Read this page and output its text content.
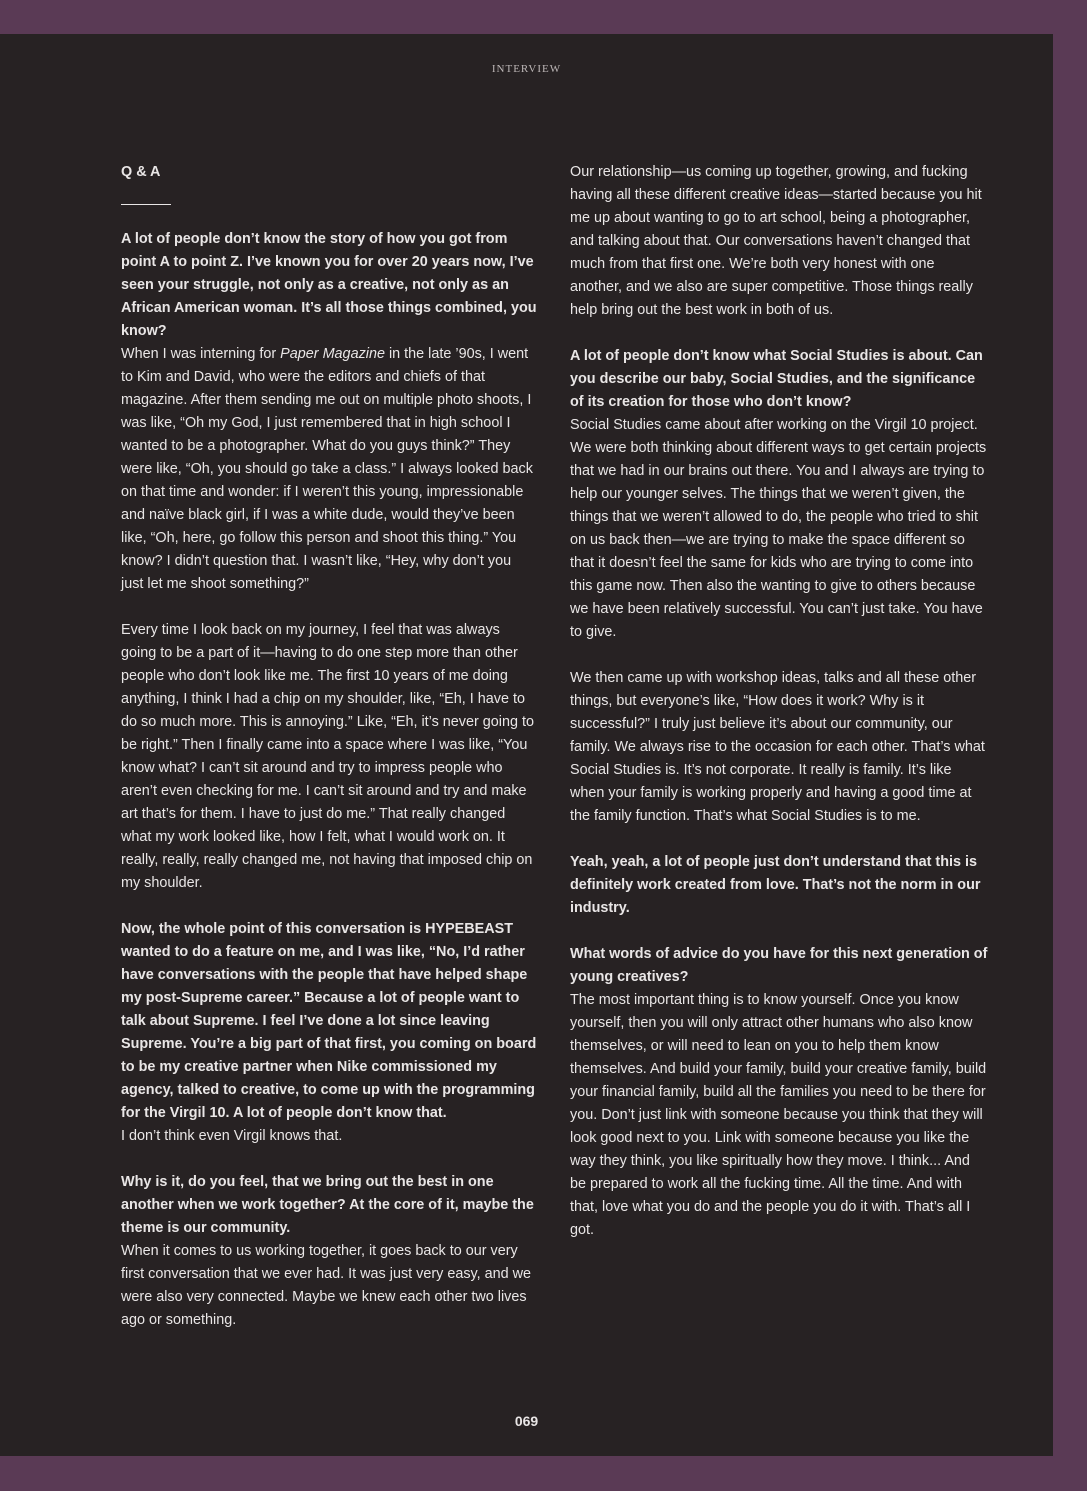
INTERVIEW

Q & A

A lot of people don’t know the story of how you got from point A to point Z. I’ve known you for over 20 years now, I’ve seen your struggle, not only as a creative, not only as an African American woman. It’s all those things combined, you know?

When I was interning for Paper Magazine in the late ’90s, I went to Kim and David, who were the editors and chiefs of that magazine. After them sending me out on multiple photo shoots, I was like, “Oh my God, I just remembered that in high school I wanted to be a photographer. What do you guys think?” They were like, “Oh, you should go take a class.” I always looked back on that time and wonder: if I weren’t this young, impressionable and naïve black girl, if I was a white dude, would they’ve been like, “Oh, here, go follow this person and shoot this thing.” You know? I didn’t question that. I wasn’t like, “Hey, why don’t you just let me shoot something?”

Every time I look back on my journey, I feel that was always going to be a part of it—having to do one step more than other people who don’t look like me. The first 10 years of me doing anything, I think I had a chip on my shoulder, like, “Eh, I have to do so much more. This is annoying.” Like, “Eh, it’s never going to be right.” Then I finally came into a space where I was like, “You know what? I can’t sit around and try to impress people who aren’t even checking for me. I can’t sit around and try and make art that’s for them. I have to just do me.” That really changed what my work looked like, how I felt, what I would work on. It really, really, really changed me, not having that imposed chip on my shoulder.

Now, the whole point of this conversation is HYPEBEAST wanted to do a feature on me, and I was like, “No, I’d rather have conversations with the people that have helped shape my post-Supreme career.” Because a lot of people want to talk about Supreme. I feel I’ve done a lot since leaving Supreme. You’re a big part of that first, you coming on board to be my creative partner when Nike commissioned my agency, talked to creative, to come up with the programming for the Virgil 10. A lot of people don’t know that.

I don’t think even Virgil knows that.

Why is it, do you feel, that we bring out the best in one another when we work together? At the core of it, maybe the theme is our community.

When it comes to us working together, it goes back to our very first conversation that we ever had. It was just very easy, and we were also very connected. Maybe we knew each other two lives ago or something.

Our relationship—us coming up together, growing, and fucking having all these different creative ideas—started because you hit me up about wanting to go to art school, being a photographer, and talking about that. Our conversations haven’t changed that much from that first one. We’re both very honest with one another, and we also are super competitive. Those things really help bring out the best work in both of us.

A lot of people don’t know what Social Studies is about. Can you describe our baby, Social Studies, and the significance of its creation for those who don’t know?

Social Studies came about after working on the Virgil 10 project. We were both thinking about different ways to get certain projects that we had in our brains out there. You and I always are trying to help our younger selves. The things that we weren’t given, the things that we weren’t allowed to do, the people who tried to shit on us back then—we are trying to make the space different so that it doesn’t feel the same for kids who are trying to come into this game now. Then also the wanting to give to others because we have been relatively successful. You can’t just take. You have to give.

We then came up with workshop ideas, talks and all these other things, but everyone’s like, “How does it work? Why is it successful?” I truly just believe it’s about our community, our family. We always rise to the occasion for each other. That’s what Social Studies is. It’s not corporate. It really is family. It’s like when your family is working properly and having a good time at the family function. That’s what Social Studies is to me.

Yeah, yeah, a lot of people just don’t understand that this is definitely work created from love. That’s not the norm in our industry.

What words of advice do you have for this next generation of young creatives?

The most important thing is to know yourself. Once you know yourself, then you will only attract other humans who also know themselves, or will need to lean on you to help them know themselves. And build your family, build your creative family, build your financial family, build all the families you need to be there for you. Don’t just link with someone because you think that they will look good next to you. Link with someone because you like the way they think, you like spiritually how they move. I think... And be prepared to work all the fucking time. All the time. And with that, love what you do and the people you do it with. That’s all I got.

069
